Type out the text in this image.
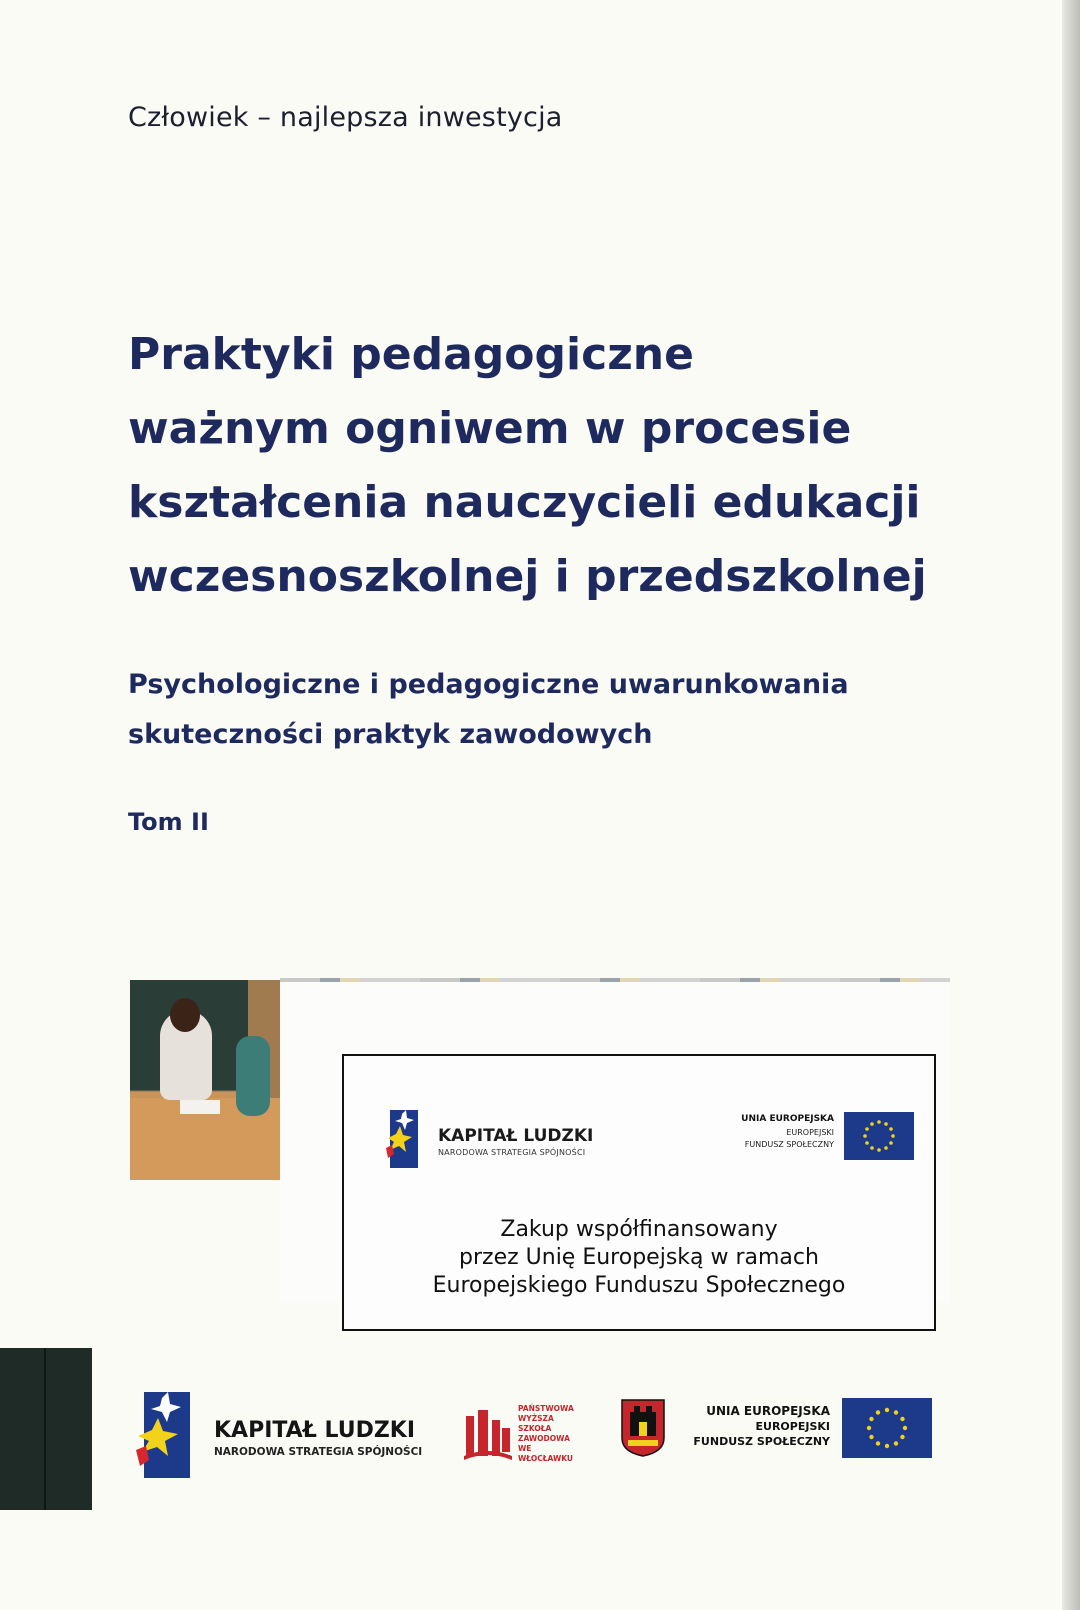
Człowiek – najlepsza inwestycja
Praktyki pedagogiczne
ważnym ogniwem w procesie
kształcenia nauczycieli edukacji
wczesnoszkolnej i przedszkolnej
Psychologiczne i pedagogiczne uwarunkowania
skuteczności praktyk zawodowych
Tom II
KAPITAŁ LUDZKI
NARODOWA STRATEGIA SPÓJNOŚCI
UNIA EUROPEJSKA
EUROPEJSKI
FUNDUSZ SPOŁECZNY
Zakup współfinansowany
przez Unię Europejską w ramach
Europejskiego Funduszu Społecznego
KAPITAŁ LUDZKI
NARODOWA STRATEGIA SPÓJNOŚCI
PAŃSTWOWA
WYŻSZA
SZKOŁA
ZAWODOWA
WE WŁOCŁAWKU
UNIA EUROPEJSKA
EUROPEJSKI
FUNDUSZ SPOŁECZNY
